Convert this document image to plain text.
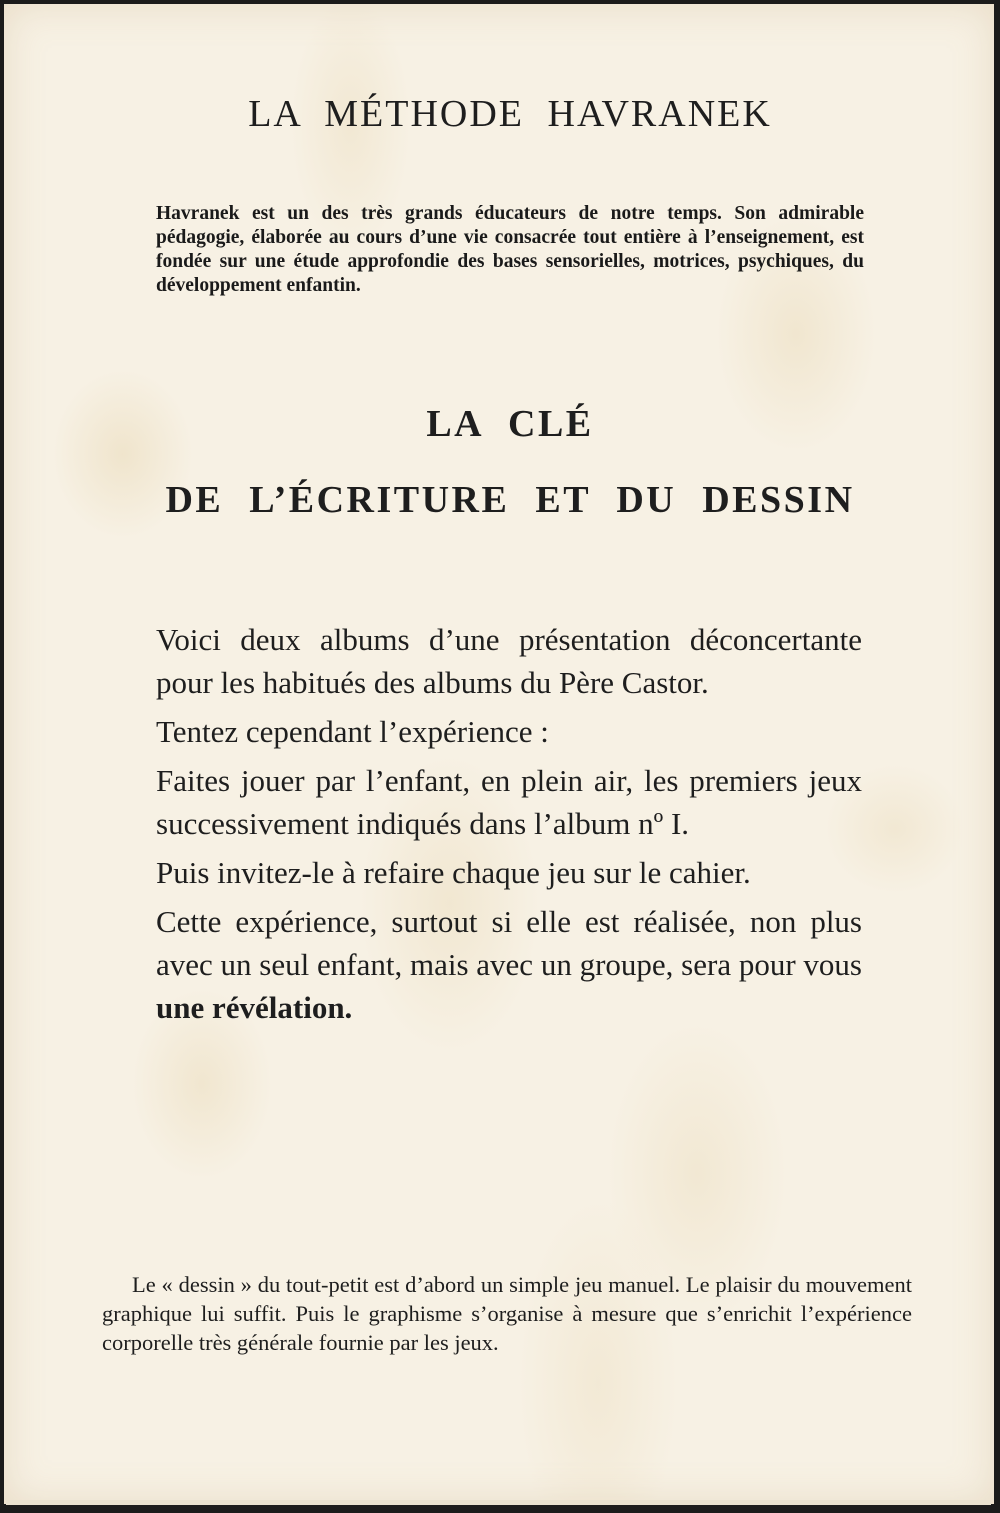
LA MÉTHODE HAVRANEK

Havranek est un des très grands éducateurs de notre temps. Son admirable pédagogie, élaborée au cours d’une vie consacrée tout entière à l’enseignement, est fondée sur une étude approfondie des bases sensorielles, motrices, psychiques, du développement enfantin.

LA CLÉ
DE L’ÉCRITURE ET DU DESSIN

Voici deux albums d’une présentation déconcertante pour les habitués des albums du Père Castor.

Tentez cependant l’expérience :

Faites jouer par l’enfant, en plein air, les premiers jeux successivement indiqués dans l’album nº I.

Puis invitez-le à refaire chaque jeu sur le cahier.

Cette expérience, surtout si elle est réalisée, non plus avec un seul enfant, mais avec un groupe, sera pour vous une révélation.

Le « dessin » du tout-petit est d’abord un simple jeu manuel. Le plaisir du mouvement graphique lui suffit. Puis le graphisme s’organise à mesure que s’enrichit l’expérience corporelle très générale fournie par les jeux.
